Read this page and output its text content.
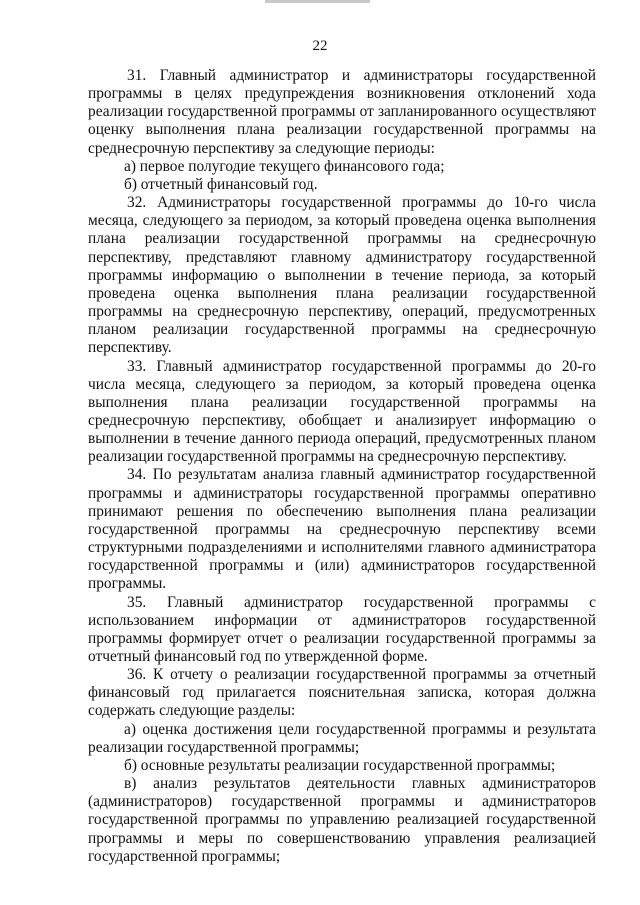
22

31. Главный администратор и администраторы государственной программы в целях предупреждения возникновения отклонений хода реализации государственной программы от запланированного осуществляют оценку выполнения плана реализации государственной программы на среднесрочную перспективу за следующие периоды:

а) первое полугодие текущего финансового года;

б) отчетный финансовый год.

32. Администраторы государственной программы до 10-го числа месяца, следующего за периодом, за который проведена оценка выполнения плана реализации государственной программы на среднесрочную перспективу, представляют главному администратору государственной программы информацию о выполнении в течение периода, за который проведена оценка выполнения плана реализации государственной программы на среднесрочную перспективу, операций, предусмотренных планом реализации государственной программы на среднесрочную перспективу.

33. Главный администратор государственной программы до 20-го числа месяца, следующего за периодом, за который проведена оценка выполнения плана реализации государственной программы на среднесрочную перспективу, обобщает и анализирует информацию о выполнении в течение данного периода операций, предусмотренных планом реализации государственной программы на среднесрочную перспективу.

34. По результатам анализа главный администратор государственной программы и администраторы государственной программы оперативно принимают решения по обеспечению выполнения плана реализации государственной программы на среднесрочную перспективу всеми структурными подразделениями и исполнителями главного администратора государственной программы и (или) администраторов государственной программы.

35. Главный администратор государственной программы с использованием информации от администраторов государственной программы формирует отчет о реализации государственной программы за отчетный финансовый год по утвержденной форме.

36. К отчету о реализации государственной программы за отчетный финансовый год прилагается пояснительная записка, которая должна содержать следующие разделы:

а) оценка достижения цели государственной программы и результата реализации государственной программы;

б) основные результаты реализации государственной программы;

в) анализ результатов деятельности главных администраторов (администраторов) государственной программы и администраторов государственной программы по управлению реализацией государственной программы и меры по совершенствованию управления реализацией государственной программы;
